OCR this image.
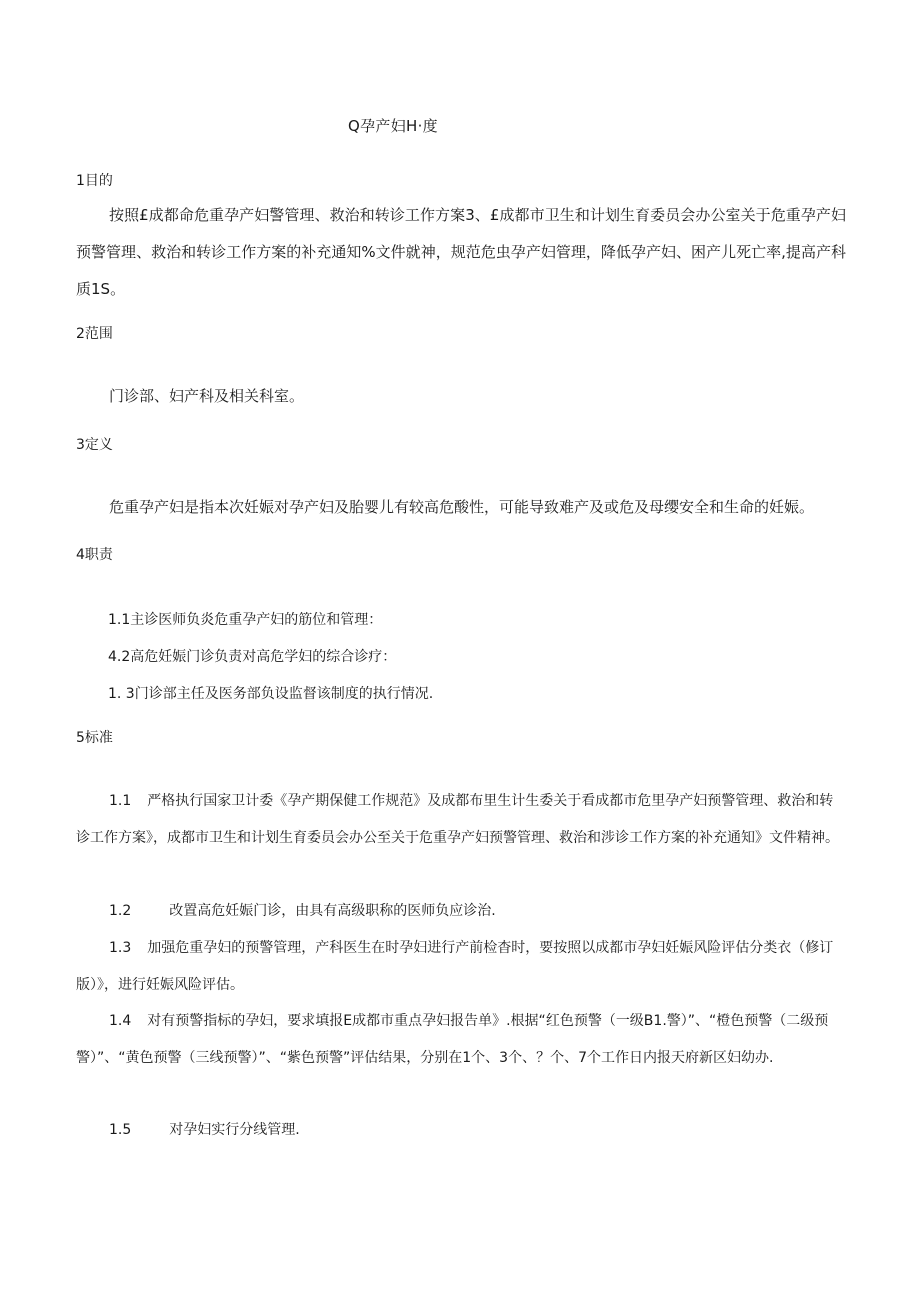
Q孕产妇H·度
1目的

按照£成都命危重孕产妇警管理、救治和转诊工作方案3、£成都市卫生和计划生育委员会办公室关于危重孕产妇预警管理、救治和转诊工作方案的补充通知%文件就神，规范危虫孕产妇管理，降低孕产妇、困产儿死亡率,提高产科质1S。

2范围

门诊部、妇产科及相关科室。

3定义

危重孕产妇是指本次妊娠对孕产妇及胎婴儿有较高危酸性，可能导致难产及或危及母缨安全和生命的妊娠。

4职责
1.1主诊医师负炎危重孕产妇的筋位和管理：
4.2高危妊娠门诊负责对高危学妇的综合诊疗：
1. 3门诊部主任及医务部负设监督该制度的执行情况.
5标准

1.1 严格执行国家卫计委《孕产期保健工作规范》及成都布里生计生委关于看成都市危里孕产妇预警管理、救治和转诊工作方案》，成都市卫生和计划生育委员会办公至关于危重孕产妇预警管理、救治和涉诊工作方案的补充通知》文件精神。

1.2	改置高危妊娠门诊，由具有高级职称的医师负应诊治.

1.3 加强危重孕妇的预警管理，产科医生在时孕妇进行产前检杳时，要按照以成都市孕妇妊娠风险评估分类衣（修订版）》，进行妊娠风险评估。

1.4 对有预警指标的孕妇，要求填报E成都市重点孕妇报告单》.根据“红色预警（一级B1.警）”、“橙色预警（二级预警）”、“黄色预警（三线预警）”、“紫色预警”评估结果，分别在1个、3个、？个、7个工作日内报天府新区妇幼办.

1.5	对孕妇实行分线管理.
